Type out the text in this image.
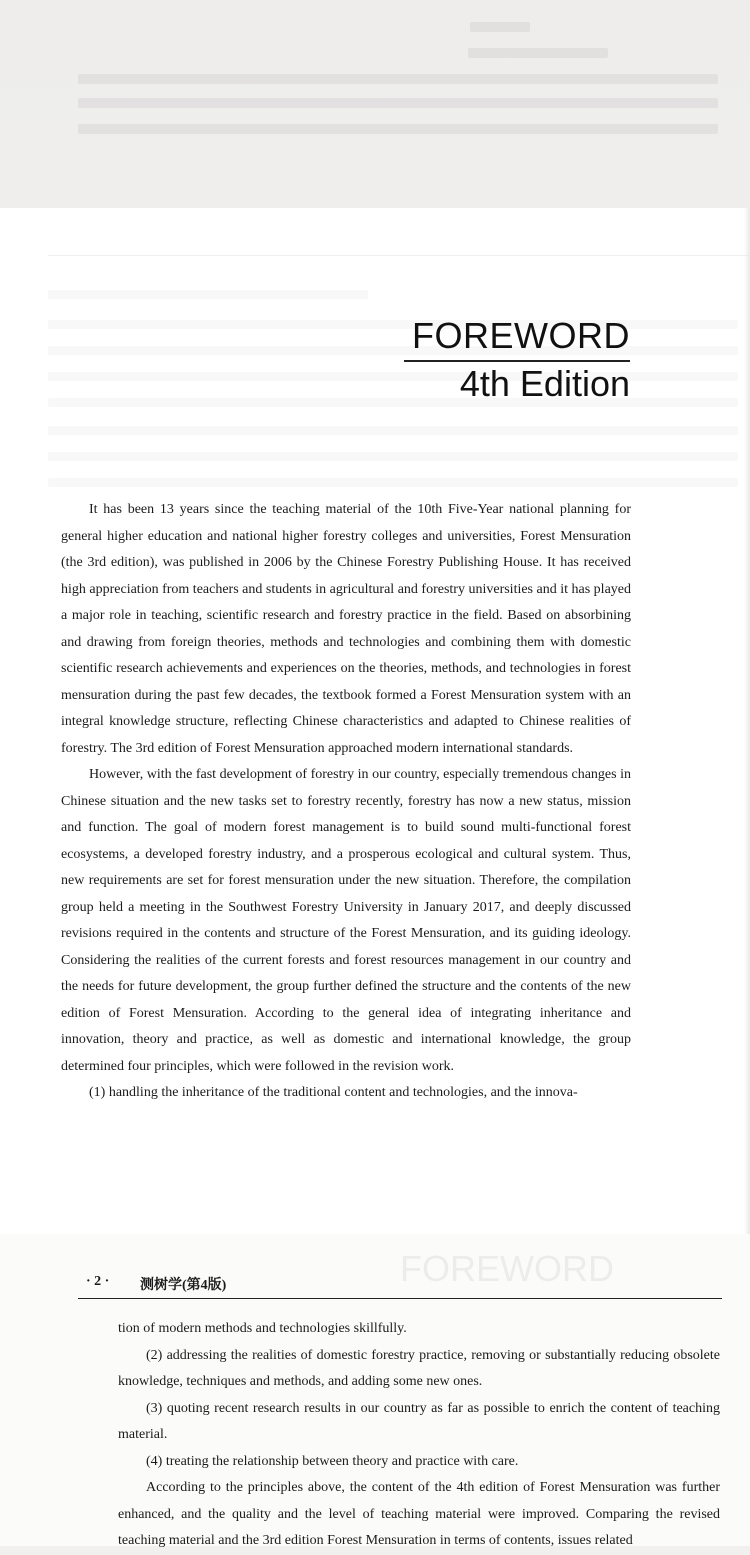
FOREWORD
4th Edition

It has been 13 years since the teaching material of the 10th Five-Year national planning for general higher education and national higher forestry colleges and universities, Forest Mensuration (the 3rd edition), was published in 2006 by the Chinese Forestry Publishing House. It has received high appreciation from teachers and students in agricultural and forestry universities and it has played a major role in teaching, scientific research and forestry practice in the field. Based on absorbining and drawing from foreign theories, methods and technologies and combining them with domestic scientific research achievements and experiences on the theories, methods, and technologies in forest mensuration during the past few decades, the textbook formed a Forest Mensuration system with an integral knowledge structure, reflecting Chinese characteristics and adapted to Chinese realities of forestry. The 3rd edition of Forest Mensuration approached modern international standards.

However, with the fast development of forestry in our country, especially tremendous changes in Chinese situation and the new tasks set to forestry recently, forestry has now a new status, mission and function. The goal of modern forest management is to build sound multi-functional forest ecosystems, a developed forestry industry, and a prosperous ecological and cultural system. Thus, new requirements are set for forest mensuration under the new situation. Therefore, the compilation group held a meeting in the Southwest Forestry University in January 2017, and deeply discussed revisions required in the contents and structure of the Forest Mensuration, and its guiding ideology. Considering the realities of the current forests and forest resources management in our country and the needs for future development, the group further defined the structure and the contents of the new edition of Forest Mensuration. According to the general idea of integrating inheritance and innovation, theory and practice, as well as domestic and international knowledge, the group determined four principles, which were followed in the revision work.

(1) handling the inheritance of the traditional content and technologies, and the innova-

FOREWORD
· 2 · 测树学(第4版)

tion of modern methods and technologies skillfully.

(2) addressing the realities of domestic forestry practice, removing or substantially reducing obsolete knowledge, techniques and methods, and adding some new ones.

(3) quoting recent research results in our country as far as possible to enrich the content of teaching material.

(4) treating the relationship between theory and practice with care.

According to the principles above, the content of the 4th edition of Forest Mensuration was further enhanced, and the quality and the level of teaching material were improved. Comparing the revised teaching material and the 3rd edition Forest Mensuration in terms of contents, issues related
